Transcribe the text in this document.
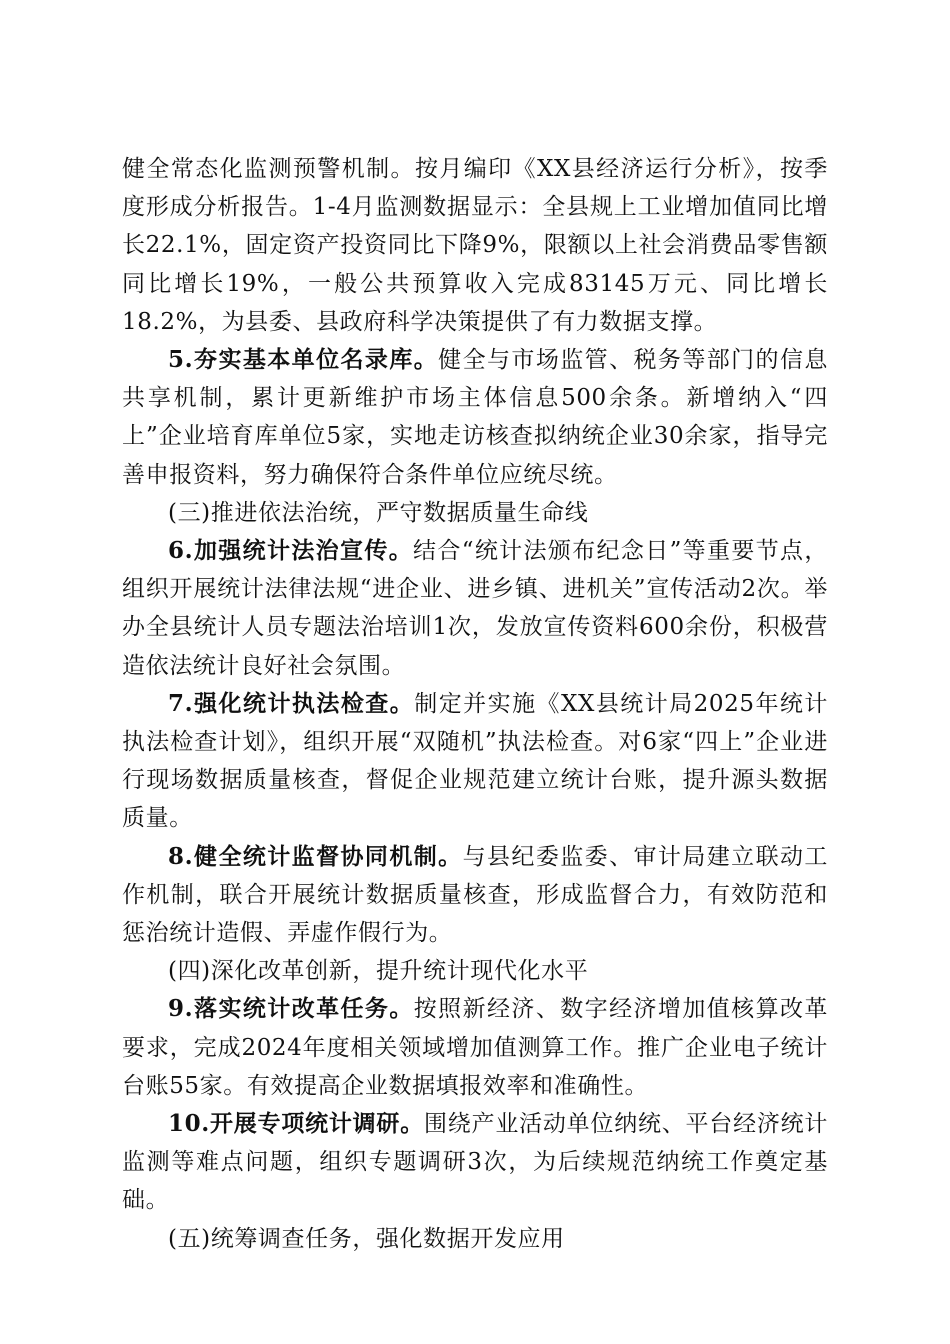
健全常态化监测预警机制。按月编印《XX县经济运行分析》，按季度形成分析报告。1-4月监测数据显示：全县规上工业增加值同比增长22.1%，固定资产投资同比下降9%，限额以上社会消费品零售额同比增长19%，一般公共预算收入完成83145万元、同比增长18.2%，为县委、县政府科学决策提供了有力数据支撑。

5.夯实基本单位名录库。健全与市场监管、税务等部门的信息共享机制，累计更新维护市场主体信息500余条。新增纳入“四上”企业培育库单位5家，实地走访核查拟纳统企业30余家，指导完善申报资料，努力确保符合条件单位应统尽统。

(三)推进依法治统，严守数据质量生命线

6.加强统计法治宣传。结合“统计法颁布纪念日”等重要节点，组织开展统计法律法规“进企业、进乡镇、进机关”宣传活动2次。举办全县统计人员专题法治培训1次，发放宣传资料600余份，积极营造依法统计良好社会氛围。

7.强化统计执法检查。制定并实施《XX县统计局2025年统计执法检查计划》，组织开展“双随机”执法检查。对6家“四上”企业进行现场数据质量核查，督促企业规范建立统计台账，提升源头数据质量。

8.健全统计监督协同机制。与县纪委监委、审计局建立联动工作机制，联合开展统计数据质量核查，形成监督合力，有效防范和惩治统计造假、弄虚作假行为。

(四)深化改革创新，提升统计现代化水平

9.落实统计改革任务。按照新经济、数字经济增加值核算改革要求，完成2024年度相关领域增加值测算工作。推广企业电子统计台账55家。有效提高企业数据填报效率和准确性。

10.开展专项统计调研。围绕产业活动单位纳统、平台经济统计监测等难点问题，组织专题调研3次，为后续规范纳统工作奠定基础。

(五)统筹调查任务，强化数据开发应用
